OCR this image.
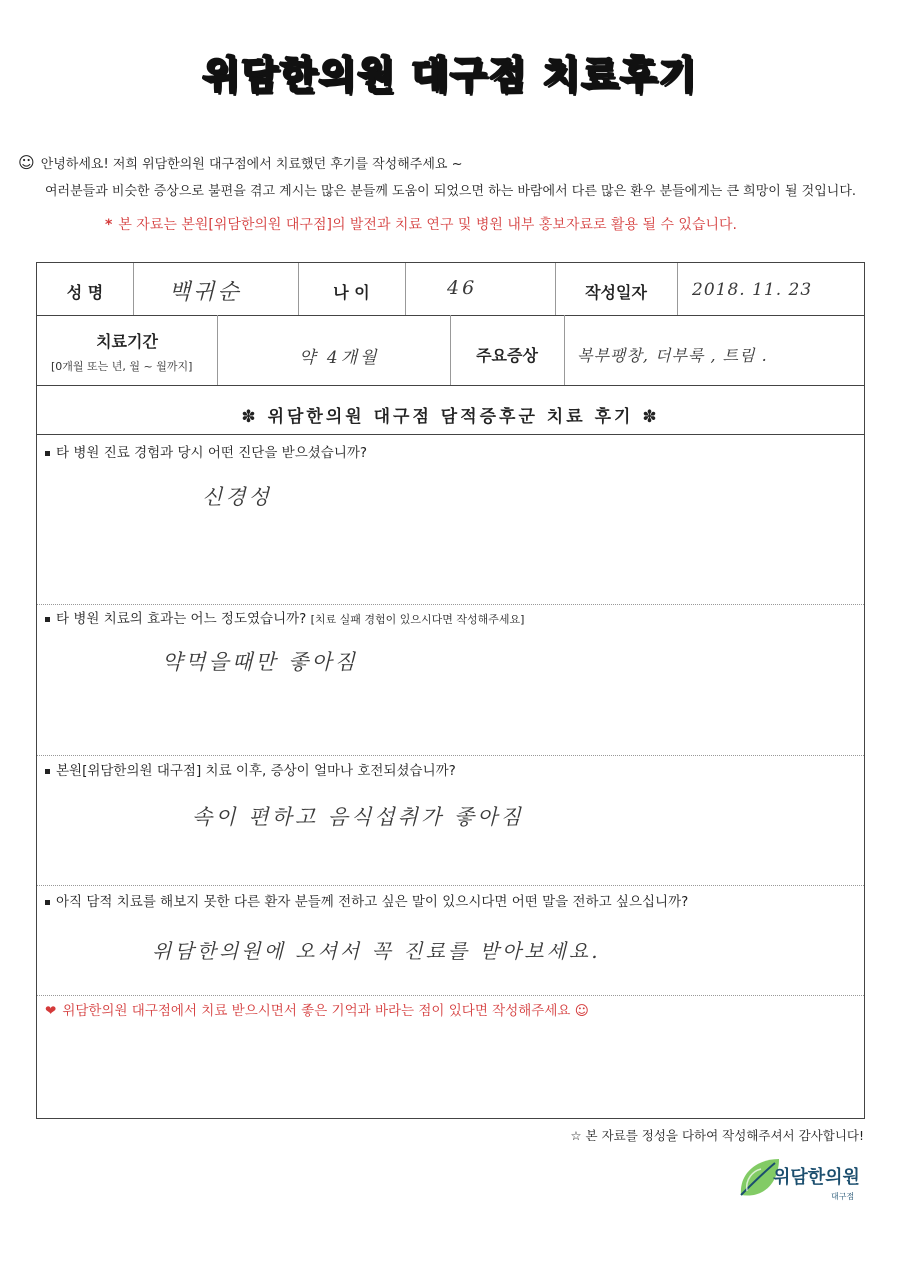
위담한의원 대구점 치료후기
☺ 안녕하세요! 저희 위담한의원 대구점에서 치료했던 후기를 작성해주세요 ~
여러분들과 비슷한 증상으로 불편을 겪고 계시는 많은 분들께 도움이 되었으면 하는 바람에서 다른 많은 환우 분들에게는 큰 희망이 될 것입니다.
* 본 자료는 본원[위담한의원 대구점]의 발전과 치료 연구 및 병원 내부 홍보자료로 활용 될 수 있습니다.
성 명	백귀순	나 이	46	작성일자	2018. 11. 23
치료기간
[0개월 또는 년, 월 ~ 월까지]	약 4개월	주요증상	복부팽창, 더부룩 , 트림 .
✽ 위담한의원 대구점 담적증후군 치료 후기 ✽
타 병원 진료 경험과 당시 어떤 진단을 받으셨습니까?
신경성
타 병원 치료의 효과는 어느 정도였습니까? [치료 실패 경험이 있으시다면 작성해주세요]
약먹을때만 좋아짐
본원[위담한의원 대구점] 치료 이후, 증상이 얼마나 호전되셨습니까?
속이 편하고 음식섭취가 좋아짐
아직 담적 치료를 해보지 못한 다른 환자 분들께 전하고 싶은 말이 있으시다면 어떤 말을 전하고 싶으십니까?
위담한의원에 오셔서 꼭 진료를 받아보세요.
❤ 위담한의원 대구점에서 치료 받으시면서 좋은 기억과 바라는 점이 있다면 작성해주세요 ☺
☆ 본 자료를 정성을 다하여 작성해주셔서 감사합니다!
위담한의원
대구점
